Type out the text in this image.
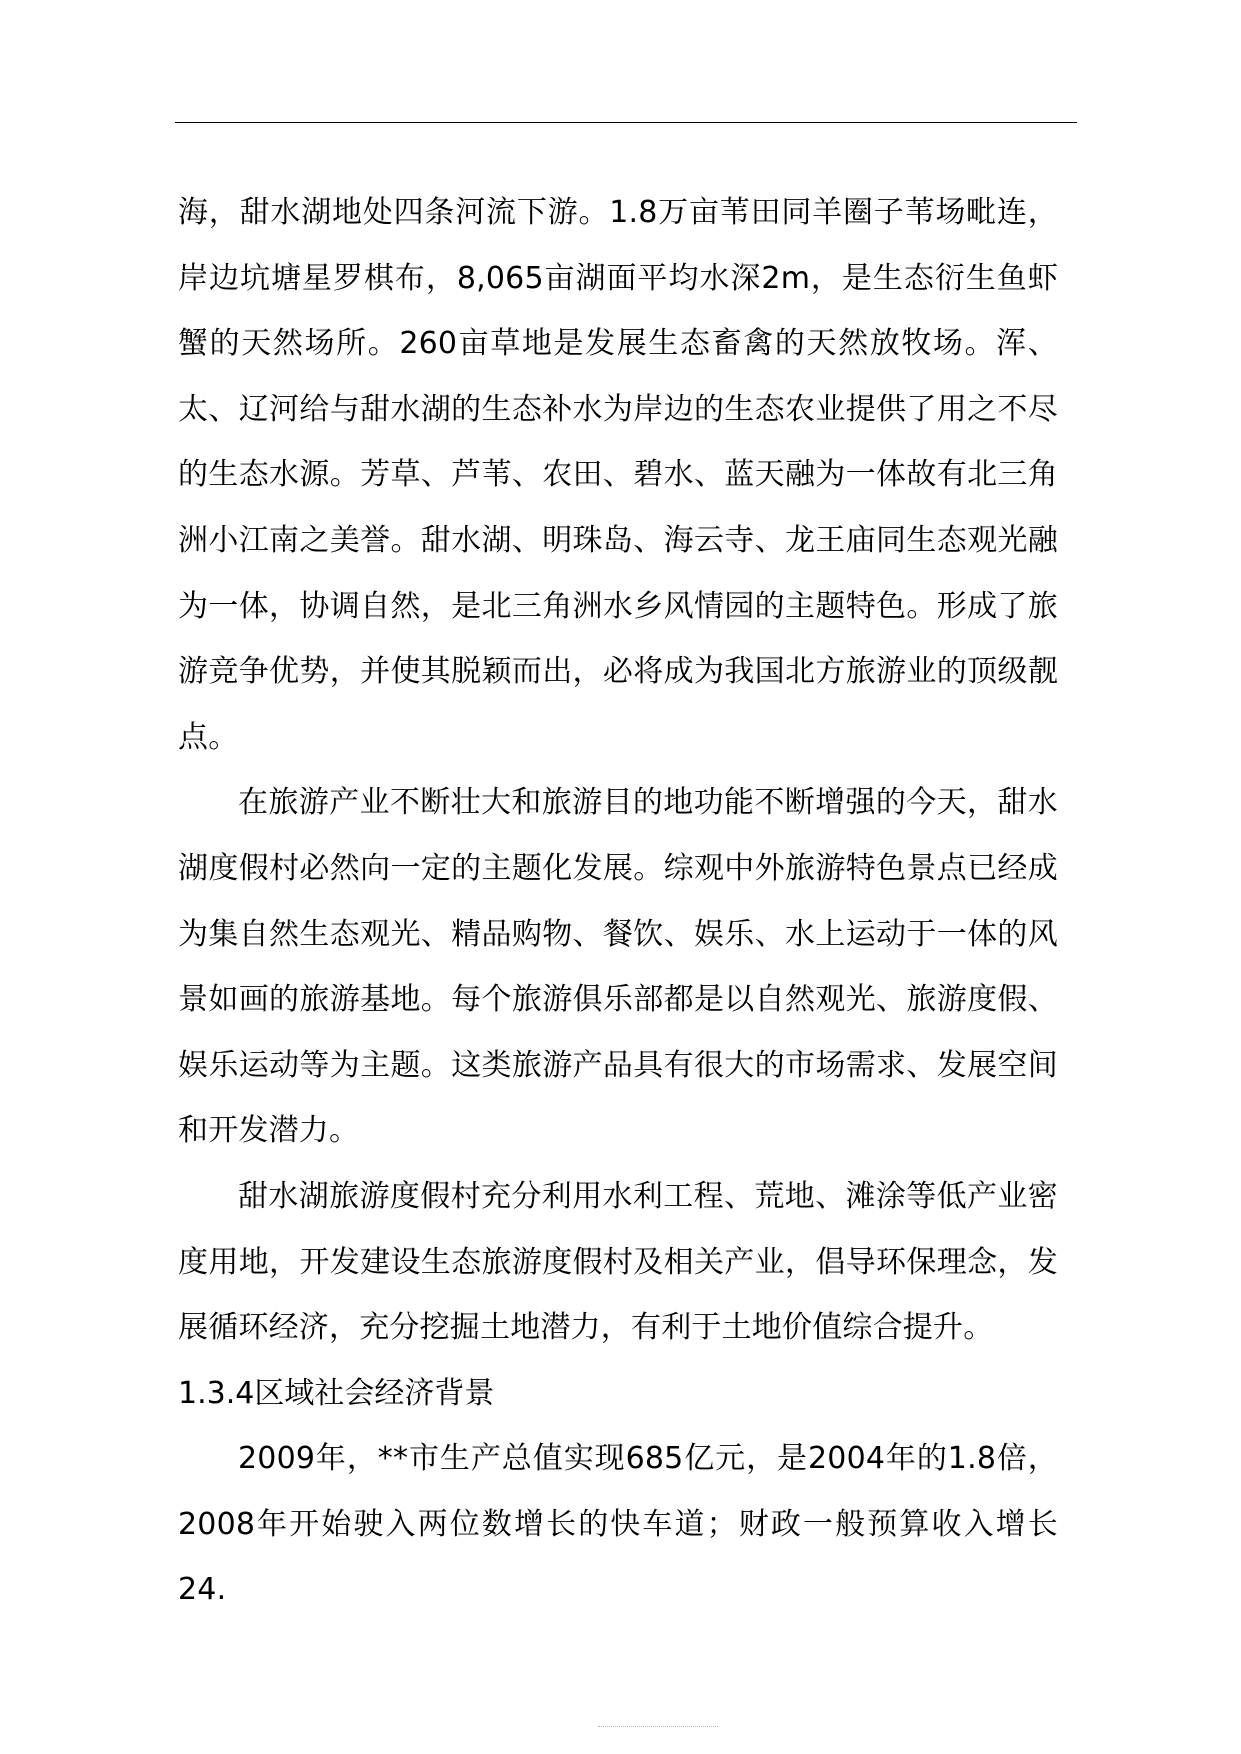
海，甜水湖地处四条河流下游。1.8万亩苇田同羊圈子苇场毗连，岸边坑塘星罗棋布，8,065亩湖面平均水深2m，是生态衍生鱼虾蟹的天然场所。260亩草地是发展生态畜禽的天然放牧场。浑、太、辽河给与甜水湖的生态补水为岸边的生态农业提供了用之不尽的生态水源。芳草、芦苇、农田、碧水、蓝天融为一体故有北三角洲小江南之美誉。甜水湖、明珠岛、海云寺、龙王庙同生态观光融为一体，协调自然，是北三角洲水乡风情园的主题特色。形成了旅游竞争优势，并使其脱颖而出，必将成为我国北方旅游业的顶级靓点。

在旅游产业不断壮大和旅游目的地功能不断增强的今天，甜水湖度假村必然向一定的主题化发展。综观中外旅游特色景点已经成为集自然生态观光、精品购物、餐饮、娱乐、水上运动于一体的风景如画的旅游基地。每个旅游俱乐部都是以自然观光、旅游度假、娱乐运动等为主题。这类旅游产品具有很大的市场需求、发展空间和开发潜力。

甜水湖旅游度假村充分利用水利工程、荒地、滩涂等低产业密度用地，开发建设生态旅游度假村及相关产业，倡导环保理念，发展循环经济，充分挖掘土地潜力，有利于土地价值综合提升。

1.3.4区域社会经济背景

2009年，**市生产总值实现685亿元，是2004年的1.8倍，2008年开始驶入两位数增长的快车道；财政一般预算收入增长24.
